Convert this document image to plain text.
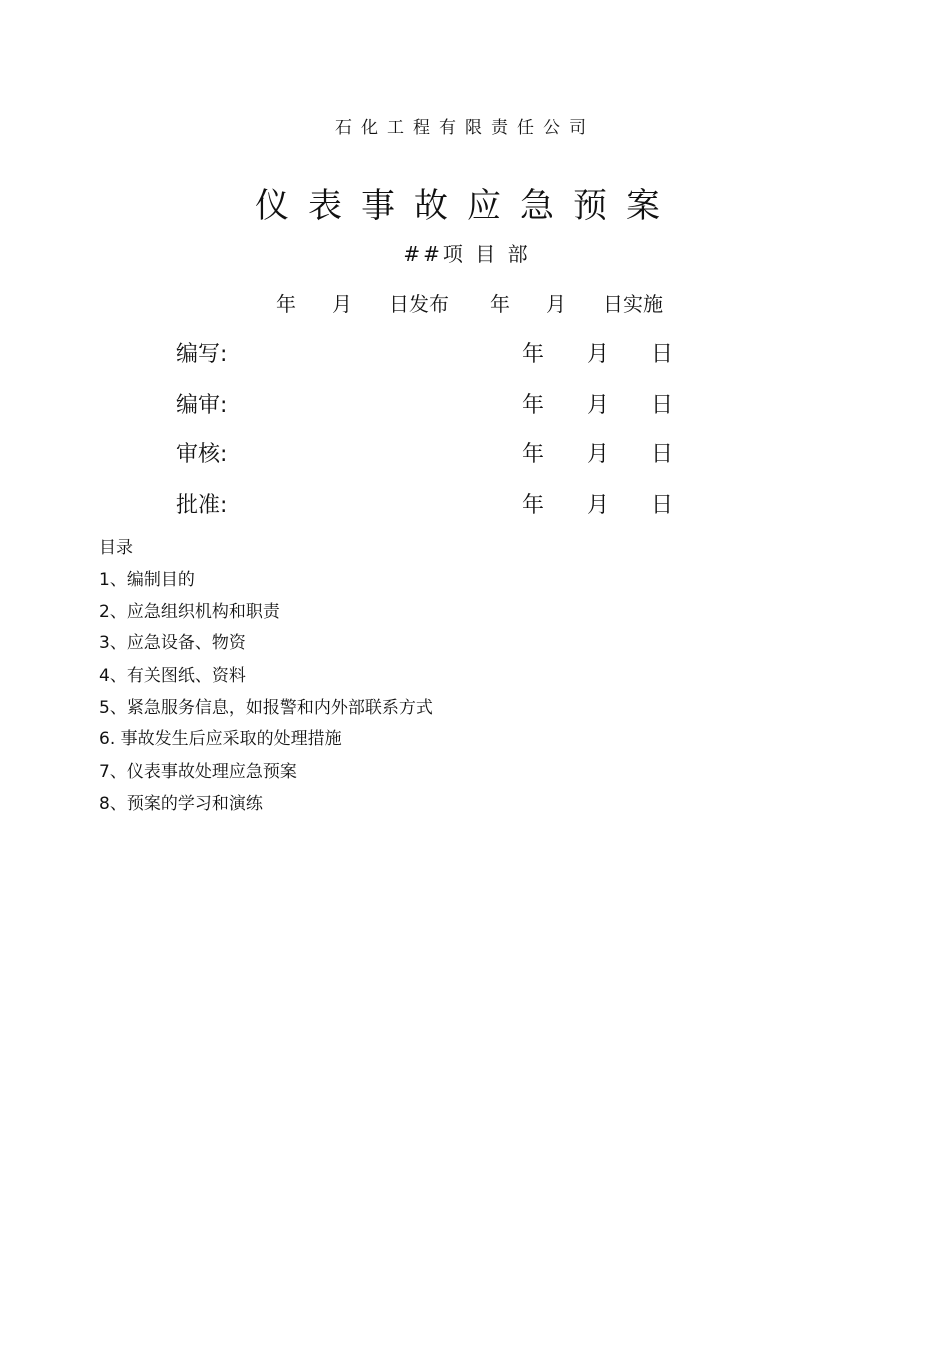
石化工程有限责任公司
仪表事故应急预案
##项 目 部
年 月 日发布 年 月 日实施
编写:	年 月 日
编审:	年 月 日
审核:	年 月 日
批准:	年 月 日
目录
1、编制目的
2、应急组织机构和职责
3、应急设备、物资
4、有关图纸、资料
5、紧急服务信息，如报警和内外部联系方式
6. 事故发生后应采取的处理措施
7、仪表事故处理应急预案
8、预案的学习和演练
